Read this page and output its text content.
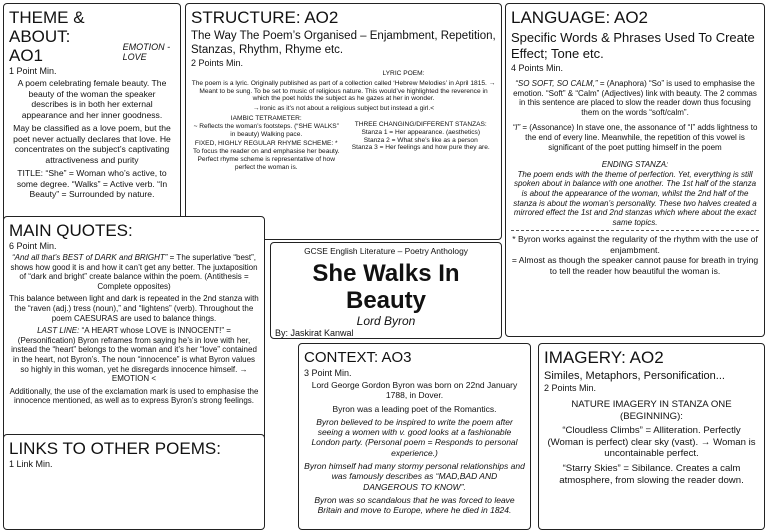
THEME & ABOUT:
AO1	EMOTION - LOVE
1 Point Min.

A poem celebrating female beauty. The beauty of the woman the speaker describes is in both her external appearance and her inner goodness.

May be classified as a love poem, but the poet never actually declares that love. He concentrates on the subject’s captivating attractiveness and purity

TITLE: “She” = Woman who’s active, to some degree. “Walks” = Active verb. “In Beauty” = Surrounded by nature.

STRUCTURE: AO2
The Way The Poem’s Organised – Enjambment, Repetition, Stanzas, Rhythm, Rhyme etc.
2 Points Min.
LYRIC POEM:

The poem is a lyric. Originally published as part of a collection called ‘Hebrew Melodies’ in April 1815. → Meant to be sung. To be set to music of religious nature. This would’ve highlighted the reverence in which the poet holds the subject as he gazes at her in wonder.

→Ironic as it’s not about a religious subject but instead a girl.<

IAMBIC TETRAMETER:

~ Reflects the woman’s footsteps. (“SHE WALKS” in beauty) Walking pace.

FIXED, HIGHLY REGULAR RHYME SCHEME: *

To focus the reader on and emphasise her beauty. Perfect rhyme scheme is representative of how perfect the woman is.

THREE CHANGING/DIFFERENT STANZAS:
Stanza 1 = Her appearance. (aesthetics)
Stanza 2 = What she’s like as a person
Stanza 3 = Her feelings and how pure they are.
LANGUAGE: AO2
Specific Words & Phrases Used To Create Effect; Tone etc.
4 Points Min.

“SO SOFT, SO CALM,” = (Anaphora) “So” is used to emphasise the emotion. “Soft” & “Calm” (Adjectives) link with beauty. The 2 commas in this sentence are placed to slow the reader down thus focusing them on the words “soft/calm”.

“I” = (Assonance) In stave one, the assonance of “I” adds lightness to the end of every line. Meanwhile, the repetition of this vowel is significant of the poet putting himself in the poem

ENDING STANZA:

The poem ends with the theme of perfection. Yet, everything is still spoken about in balance with one another. The 1st half of the stanza is about the appearance of the woman, whilst the 2nd half of the stanza is about the woman’s personality. These two halves created a mirrored effect the 1st and 2nd stanzas which where about the exact same topics.

* Byron works against the regularity of the rhythm with the use of enjambment.

= Almost as though the speaker cannot pause for breath in trying to tell the reader how beautiful the woman is.

MAIN QUOTES:
6 Point Min.

“And all that’s BEST of DARK and BRIGHT” = The superlative “best”, shows how good it is and how it can’t get any better. The juxtaposition of “dark and bright” create balance within the poem. (Antithesis = Complete opposites)

This balance between light and dark is repeated in the 2nd stanza with the “raven (adj.) tress (noun),” and “lightens” (verb). Throughout the poem CAESURAS are used to balance things.

LAST LINE: “A HEART whose LOVE is INNOCENT!” = (Personification) Byron reframes from saying he’s in love with her, instead the “heart” belongs to the woman and it’s her “love” contained in the heart, not Byron’s. The noun “innocence” is what Byron values so highly in this woman, yet he disregards innocence himself. → EMOTION <

Additionally, the use of the exclamation mark is used to emphasise the innocence mentioned, as well as to express Byron’s strong feelings.

LINKS TO OTHER POEMS:
1 Link Min.
GCSE English Literature – Poetry Anthology
She Walks In
Beauty
Lord Byron
By: Jaskirat Kanwal
CONTEXT: AO3
3 Point Min.

Lord George Gordon Byron was born on 22nd January 1788, in Dover.

Byron was a leading poet of the Romantics.

Byron believed to be inspired to write the poem after seeing a women with v. good looks at a fashionable London party. (Personal poem = Responds to personal experience.)

Byron himself had many stormy personal relationships and was famously describes as “MAD,BAD AND DANGEROUS TO KNOW”.

Byron was so scandalous that he was forced to leave Britain and move to Europe, where he died in 1824.

IMAGERY: AO2
Similes, Metaphors, Personification...
2 Points Min.

NATURE IMAGERY IN STANZA ONE (BEGINNING):

“Cloudless Climbs” = Alliteration. Perfectly (Woman is perfect) clear sky (vast). → Woman is uncontainable perfect.

“Starry Skies” = Sibilance. Creates a calm atmosphere, from slowing the reader down.
